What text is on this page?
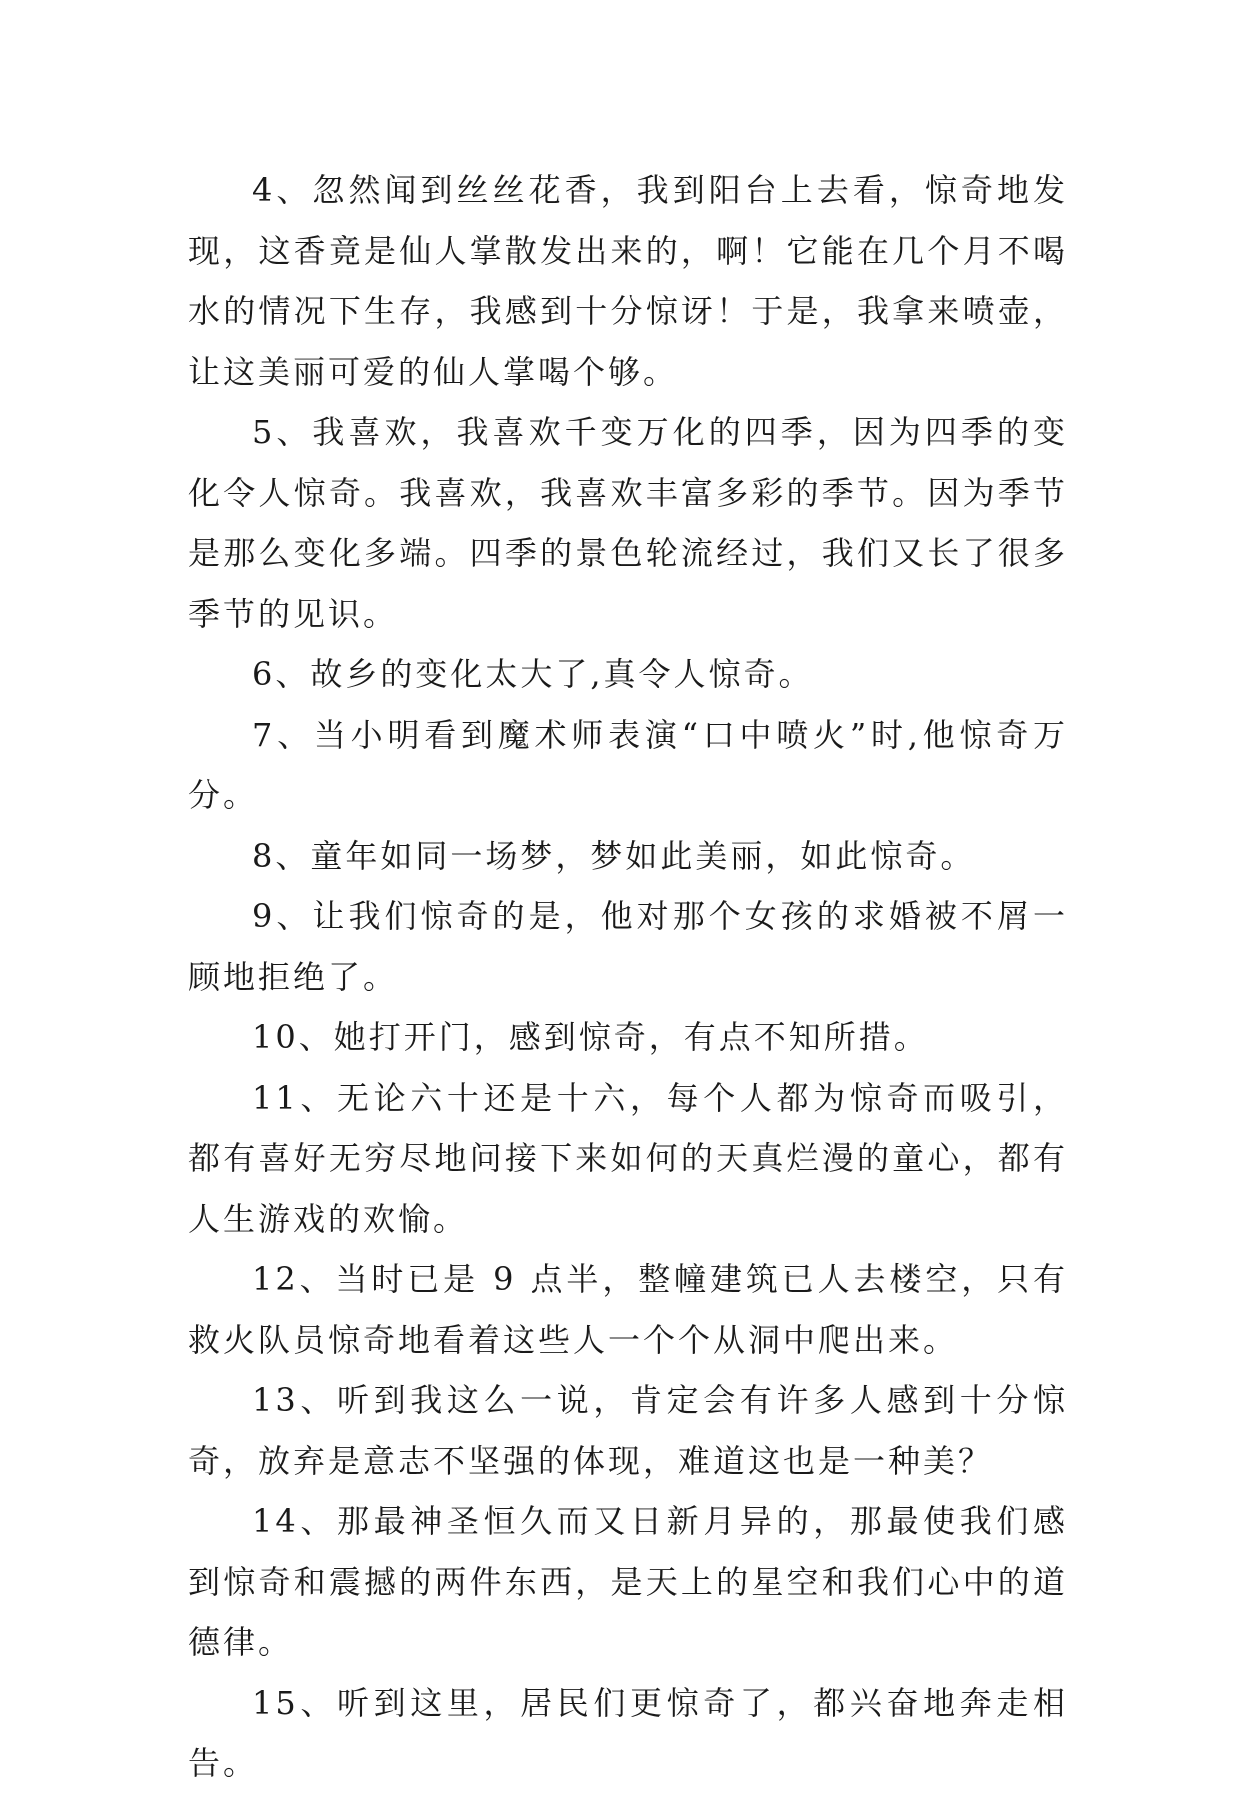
4、忽然闻到丝丝花香，我到阳台上去看，惊奇地发现，这香竟是仙人掌散发出来的，啊！它能在几个月不喝水的情况下生存，我感到十分惊讶！于是，我拿来喷壶，让这美丽可爱的仙人掌喝个够。

5、我喜欢，我喜欢千变万化的四季，因为四季的变化令人惊奇。我喜欢，我喜欢丰富多彩的季节。因为季节是那么变化多端。四季的景色轮流经过，我们又长了很多季节的见识。

6、故乡的变化太大了,真令人惊奇。

7、当小明看到魔术师表演“口中喷火”时,他惊奇万分。

8、童年如同一场梦，梦如此美丽，如此惊奇。

9、让我们惊奇的是，他对那个女孩的求婚被不屑一顾地拒绝了。

10、她打开门，感到惊奇，有点不知所措。

11、无论六十还是十六，每个人都为惊奇而吸引，都有喜好无穷尽地问接下来如何的天真烂漫的童心，都有人生游戏的欢愉。

12、当时已是 9 点半，整幢建筑已人去楼空，只有救火队员惊奇地看着这些人一个个从洞中爬出来。

13、听到我这么一说，肯定会有许多人感到十分惊奇，放弃是意志不坚强的体现，难道这也是一种美？

14、那最神圣恒久而又日新月异的，那最使我们感到惊奇和震撼的两件东西，是天上的星空和我们心中的道德律。

15、听到这里，居民们更惊奇了，都兴奋地奔走相告。
